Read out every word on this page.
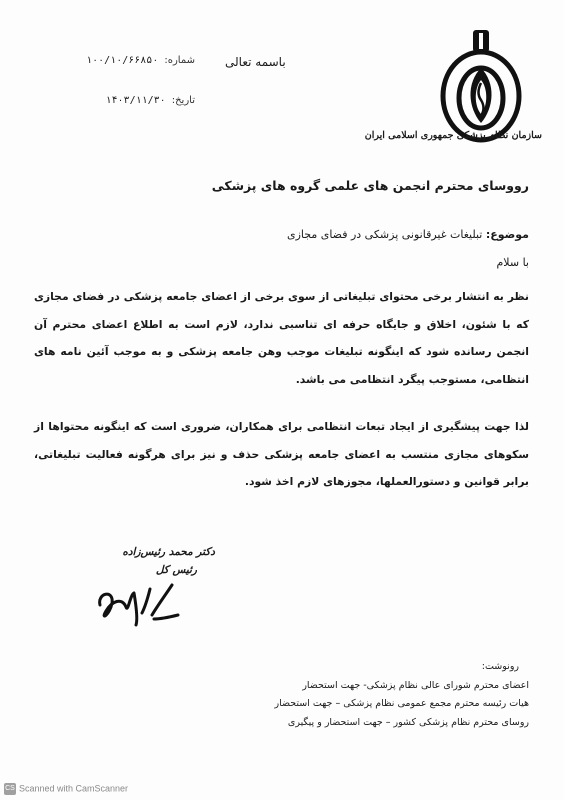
سازمان نظام پزشکی جمهوری اسلامی ایران
باسمه تعالی
شماره:
۱۰۰/۱۰/۶۶۸۵۰
تاریخ:
۱۴۰۳/۱۱/۳۰
رووسای محترم انجمن های علمی گروه های پزشکی
موضوع: تبلیغات غیرقانونی پزشکی در فضای مجازی
با سلام
نظر به انتشار برخی محتوای تبلیغاتی از سوی برخی از اعضای جامعه پزشکی در فضای مجازی که با شئون، اخلاق و جایگاه حرفه ای تناسبی ندارد، لازم است به اطلاع اعضای محترم آن انجمن رسانده شود که اینگونه تبلیغات موجب وهن جامعه پزشکی و به موجب آئین نامه های انتظامی، مستوجب پیگرد انتظامی می باشد.
لذا جهت پیشگیری از ایجاد تبعات انتظامی برای همکاران، ضروری است که اینگونه محتواها از سکوهای مجازی منتسب به اعضای جامعه پزشکی حذف و نیز برای هرگونه فعالیت تبلیغاتی، برابر قوانین و دستورالعملها، مجوزهای لازم اخذ شود.
دکتر محمد رئیس‌زاده
رئیس کل
رونوشت:
اعضای محترم شورای عالی نظام پزشکی- جهت استحضار
هیات رئیسه محترم مجمع عمومی نظام پزشکی – جهت استحضار
روسای محترم نظام پزشکی کشور – جهت استحضار و پیگیری
CS Scanned with CamScanner
